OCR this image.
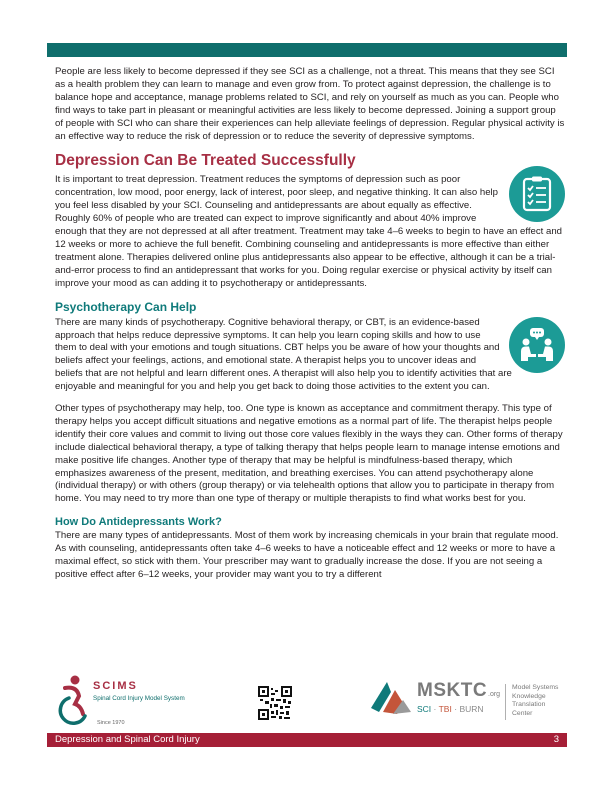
People are less likely to become depressed if they see SCI as a challenge, not a threat. This means that they see SCI as a health problem they can learn to manage and even grow from. To protect against depression, the challenge is to balance hope and acceptance, manage problems related to SCI, and rely on yourself as much as you can. People who find ways to take part in pleasant or meaningful activities are less likely to become depressed. Joining a support group of people with SCI who can share their experiences can help alleviate feelings of depression. Regular physical activity is an effective way to reduce the risk of depression or to reduce the severity of depressive symptoms.

Depression Can Be Treated Successfully

It is important to treat depression. Treatment reduces the symptoms of depression such as poor concentration, low mood, poor energy, lack of interest, poor sleep, and negative thinking. It can also help you feel less disabled by your SCI. Counseling and antidepressants are about equally as effective. Roughly 60% of people who are treated can expect to improve significantly and about 40% improve enough that they are not depressed at all after treatment. Treatment may take 4–6 weeks to begin to have an effect and 12 weeks or more to achieve the full benefit. Combining counseling and antidepressants is more effective than either treatment alone. Therapies delivered online plus antidepressants also appear to be effective, although it can be a trial-and-error process to find an antidepressant that works for you. Doing regular exercise or physical activity by itself can improve your mood as can adding it to psychotherapy or antidepressants.

Psychotherapy Can Help

There are many kinds of psychotherapy. Cognitive behavioral therapy, or CBT, is an evidence-based approach that helps reduce depressive symptoms. It can help you learn coping skills and how to use them to deal with your emotions and tough situations. CBT helps you be aware of how your thoughts and beliefs affect your feelings, actions, and emotional state. A therapist helps you to uncover ideas and beliefs that are not helpful and learn different ones. A therapist will also help you to identify activities that are enjoyable and meaningful for you and help you get back to doing those activities to the extent you can.

Other types of psychotherapy may help, too. One type is known as acceptance and commitment therapy. This type of therapy helps you accept difficult situations and negative emotions as a normal part of life. The therapist helps people identify their core values and commit to living out those core values flexibly in the ways they can. Other forms of therapy include dialectical behavioral therapy, a type of talking therapy that helps people learn to manage intense emotions and make positive life changes. Another type of therapy that may be helpful is mindfulness-based therapy, which emphasizes awareness of the present, meditation, and breathing exercises. You can attend psychotherapy alone (individual therapy) or with others (group therapy) or via telehealth options that allow you to participate in therapy from home. You may need to try more than one type of therapy or multiple therapists to find what works best for you.

How Do Antidepressants Work?

There are many types of antidepressants. Most of them work by increasing chemicals in your brain that regulate mood. As with counseling, antidepressants often take 4–6 weeks to have a noticeable effect and 12 weeks or more to have a maximal effect, so stick with them. Your prescriber may want to gradually increase the dose. If you are not seeing a positive effect after 6–12 weeks, your provider may want you to try a different

SCIMS
Spinal Cord Injury Model System
Since 1970
MSKTC .org
SCI · TBI · BURN
Model Systems
Knowledge Translation
Center
Depression and Spinal Cord Injury	3
